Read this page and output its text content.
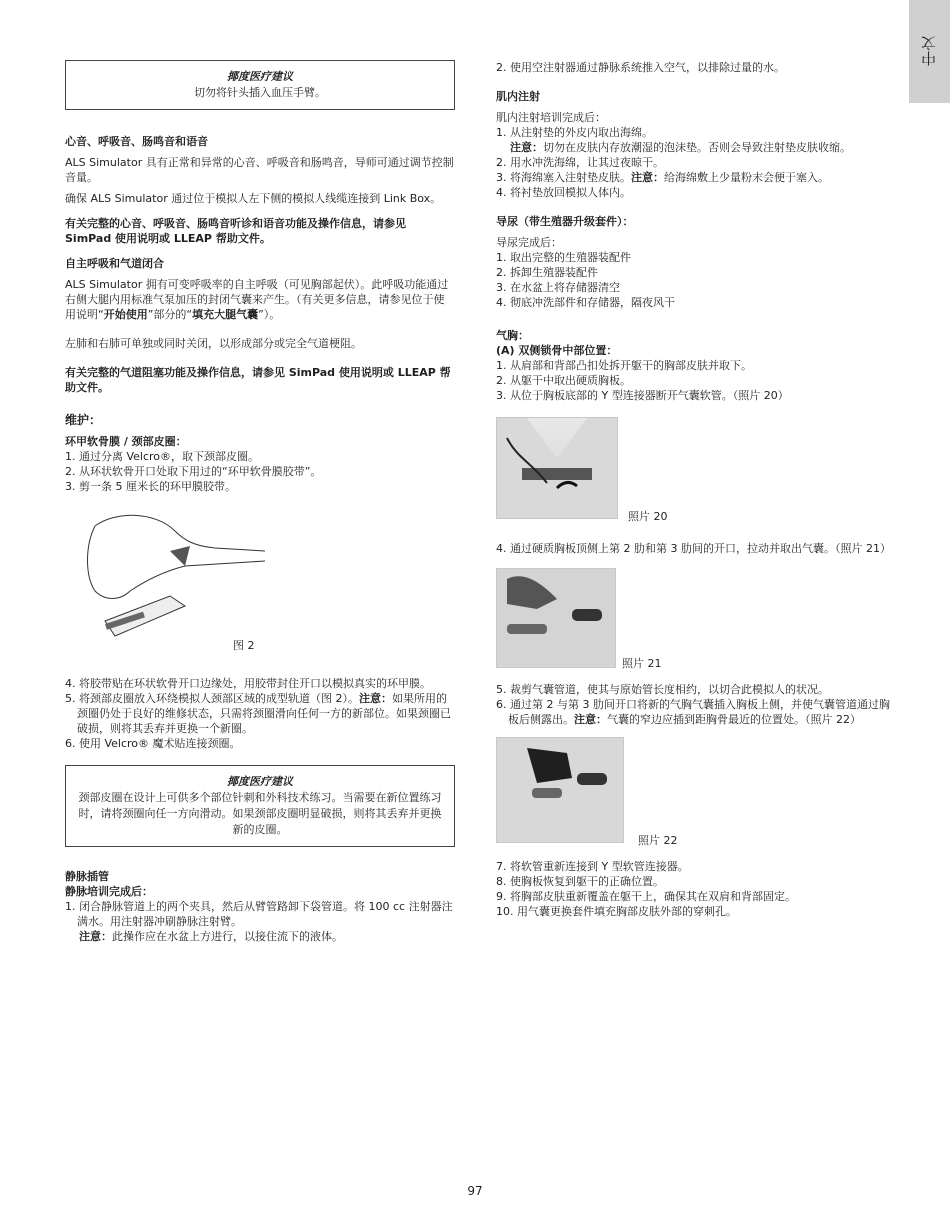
中文
揶度医疗建议
切勿将针头插入血压手臂。

心音、呼吸音、肠鸣音和语音

ALS Simulator 具有正常和异常的心音、呼吸音和肠鸣音，导师可通过调节控制音量。

确保 ALS Simulator 通过位于模拟人左下侧的模拟人线缆连接到 Link Box。

有关完整的心音、呼吸音、肠鸣音听诊和语音功能及操作信息，请参见 SimPad 使用说明或 LLEAP 帮助文件。

自主呼吸和气道闭合

ALS Simulator 拥有可变呼吸率的自主呼吸（可见胸部起伏）。此呼吸功能通过右侧大腿内用标准气泵加压的封闭气囊来产生。（有关更多信息，请参见位于使用说明“开始使用”部分的“填充大腿气囊”）。

左肺和右肺可单独或同时关闭，以形成部分或完全气道梗阻。

有关完整的气道阻塞功能及操作信息，请参见 SimPad 使用说明或 LLEAP 帮助文件。

维护：

环甲软骨膜 / 颈部皮圈：

1. 通过分离 Velcro®，取下颈部皮圈。
2. 从环状软骨开口处取下用过的“环甲软骨膜胶带”。
3. 剪一条 5 厘米长的环甲膜胶带。
图 2
4. 将胶带贴在环状软骨开口边缘处，用胶带封住开口以模拟真实的环甲膜。
5. 将颈部皮圈放入环绕模拟人颈部区域的成型轨道（图 2）。注意：如果所用的颈圈仍处于良好的维修状态，只需将颈圈滑向任何一方的新部位。如果颈圈已破损，则将其丢弃并更换一个新圈。
6. 使用 Velcro® 魔术贴连接颈圈。
揶度医疗建议
颈部皮圈在设计上可供多个部位针刺和外科技术练习。当需要在新位置练习时，请将颈圈向任一方向滑动。如果颈部皮圈明显破损，则将其丢弃并更换新的皮圈。

静脉插管

静脉培训完成后：

1. 闭合静脉管道上的两个夹具，然后从臂管路卸下袋管道。将 100 cc 注射器注满水。用注射器冲刷静脉注射臂。

注意：此操作应在水盆上方进行，以接住流下的液体。

2. 使用空注射器通过静脉系统推入空气，以排除过量的水。

肌内注射

肌内注射培训完成后：

1. 从注射垫的外皮内取出海绵。

注意：切勿在皮肤内存放潮湿的泡沫垫。否则会导致注射垫皮肤收缩。

2. 用水冲洗海绵，让其过夜晾干。

3. 将海绵塞入注射垫皮肤。注意：给海绵敷上少量粉末会便于塞入。

4. 将衬垫放回模拟人体内。

导尿（带生殖器升级套件）：

导尿完成后：

1. 取出完整的生殖器装配件
2. 拆卸生殖器装配件
3. 在水盆上将存储器清空
4. 彻底冲洗部件和存储器，隔夜风干

气胸：

(A) 双侧锁骨中部位置：

1. 从肩部和背部凸扣处拆开躯干的胸部皮肤并取下。
2. 从躯干中取出硬质胸板。
3. 从位于胸板底部的 Y 型连接器断开气囊软管。（照片 20）
照片 20

4. 通过硬质胸板顶侧上第 2 肋和第 3 肋间的开口，拉动并取出气囊。（照片 21）

照片 21

5. 裁剪气囊管道，使其与原始管长度相约，以切合此模拟人的状况。

6. 通过第 2 与第 3 肋间开口将新的气胸气囊插入胸板上侧，并使气囊管道通过胸板后侧露出。注意：气囊的窄边应插到距胸骨最近的位置处。（照片 22）

照片 22
7. 将软管重新连接到 Y 型软管连接器。
8. 使胸板恢复到躯干的正确位置。
9. 将胸部皮肤重新覆盖在躯干上，确保其在双肩和背部固定。
10. 用气囊更换套件填充胸部皮肤外部的穿刺孔。
97
